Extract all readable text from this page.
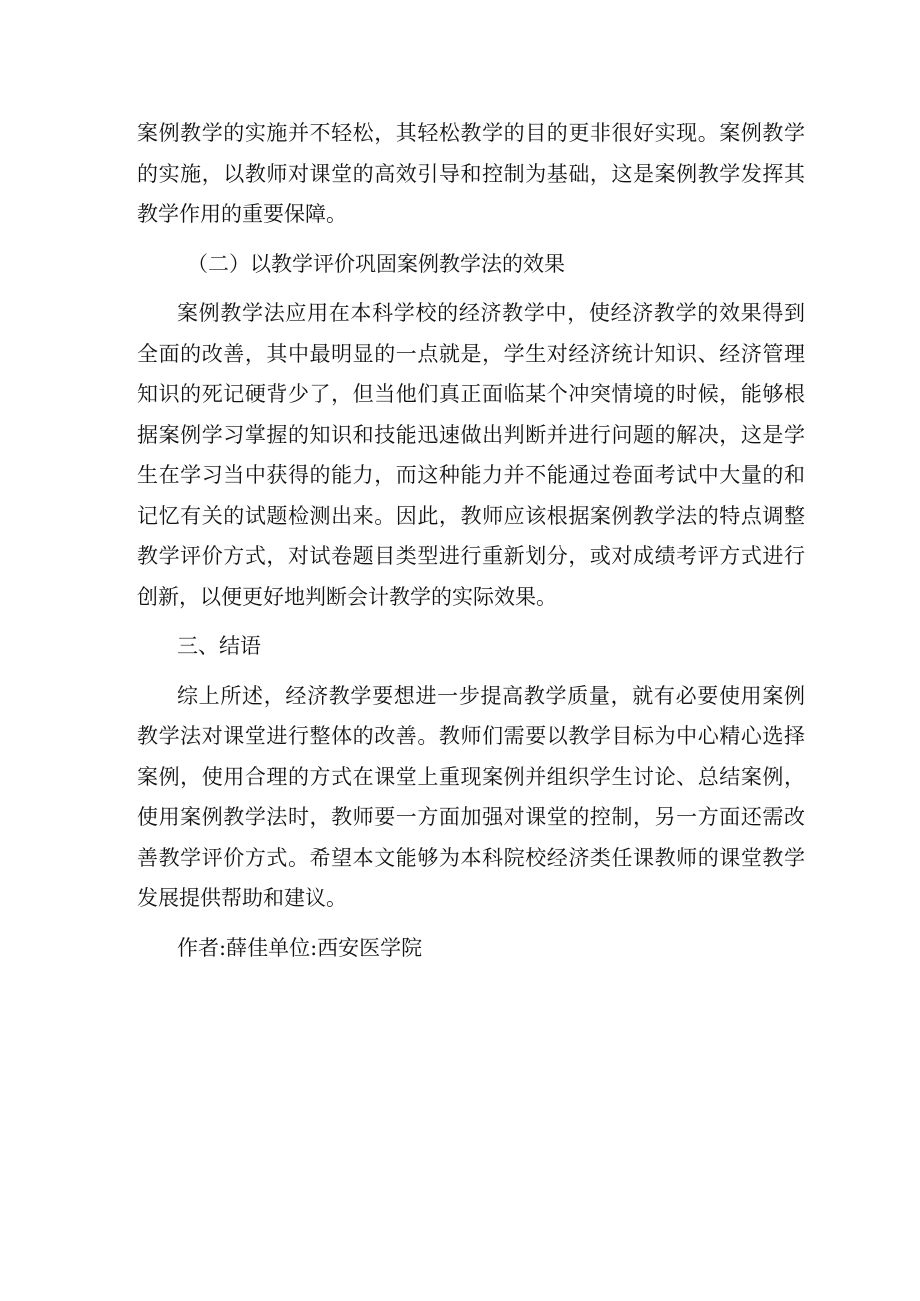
案例教学的实施并不轻松，其轻松教学的目的更非很好实现。案例教学的实施，以教师对课堂的高效引导和控制为基础，这是案例教学发挥其教学作用的重要保障。

（二）以教学评价巩固案例教学法的效果

案例教学法应用在本科学校的经济教学中，使经济教学的效果得到全面的改善，其中最明显的一点就是，学生对经济统计知识、经济管理知识的死记硬背少了，但当他们真正面临某个冲突情境的时候，能够根据案例学习掌握的知识和技能迅速做出判断并进行问题的解决，这是学生在学习当中获得的能力，而这种能力并不能通过卷面考试中大量的和记忆有关的试题检测出来。因此，教师应该根据案例教学法的特点调整教学评价方式，对试卷题目类型进行重新划分，或对成绩考评方式进行创新，以便更好地判断会计教学的实际效果。

三、结语

综上所述，经济教学要想进一步提高教学质量，就有必要使用案例教学法对课堂进行整体的改善。教师们需要以教学目标为中心精心选择案例，使用合理的方式在课堂上重现案例并组织学生讨论、总结案例，使用案例教学法时，教师要一方面加强对课堂的控制，另一方面还需改善教学评价方式。希望本文能够为本科院校经济类任课教师的课堂教学发展提供帮助和建议。

作者:薛佳单位:西安医学院
